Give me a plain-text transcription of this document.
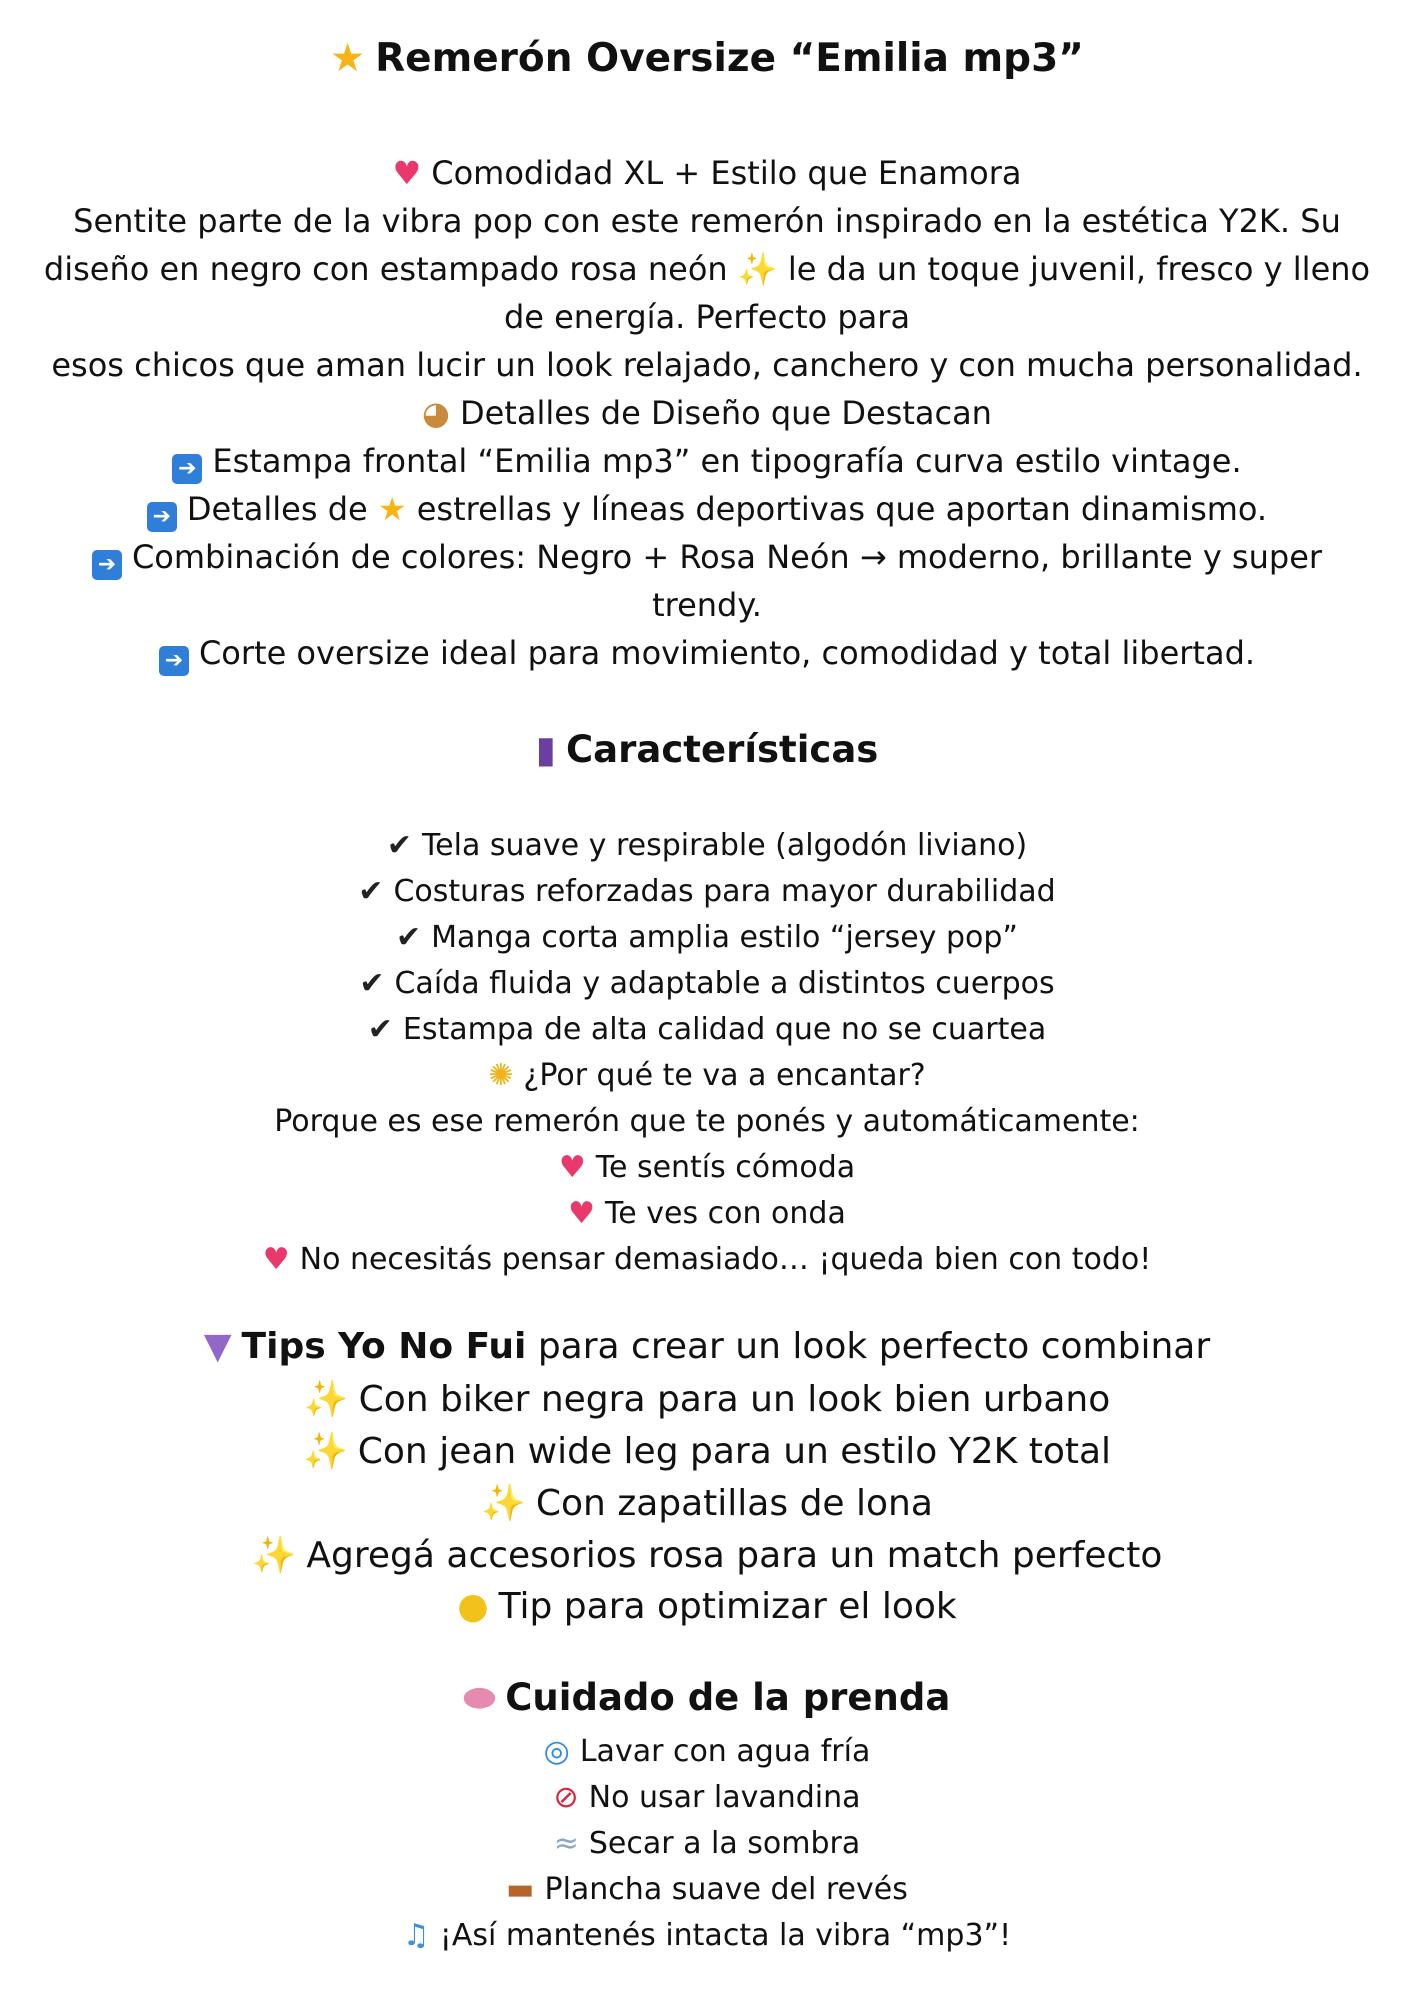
★ Remerón Oversize “Emilia mp3”
♥ Comodidad XL + Estilo que Enamora
Sentite parte de la vibra pop con este remerón inspirado en la estética Y2K. Su
diseño en negro con estampado rosa neón ✨ le da un toque juvenil, fresco y lleno
de energía. Perfecto para
esos chicos que aman lucir un look relajado, canchero y con mucha personalidad.
◕ Detalles de Diseño que Destacan
➔ Estampa frontal “Emilia mp3” en tipografía curva estilo vintage.
➔ Detalles de ★ estrellas y líneas deportivas que aportan dinamismo.
➔ Combinación de colores: Negro + Rosa Neón → moderno, brillante y super
trendy.
➔ Corte oversize ideal para movimiento, comodidad y total libertad.
▮ Características
✔ Tela suave y respirable (algodón liviano)
✔ Costuras reforzadas para mayor durabilidad
✔ Manga corta amplia estilo “jersey pop”
✔ Caída fluida y adaptable a distintos cuerpos
✔ Estampa de alta calidad que no se cuartea
✺ ¿Por qué te va a encantar?
Porque es ese remerón que te ponés y automáticamente:
♥ Te sentís cómoda
♥ Te ves con onda
♥ No necesitás pensar demasiado… ¡queda bien con todo!
▼ Tips Yo No Fui para crear un look perfecto combinar
✨ Con biker negra para un look bien urbano
✨ Con jean wide leg para un estilo Y2K total
✨ Con zapatillas de lona
✨ Agregá accesorios rosa para un match perfecto
● Tip para optimizar el look
⬬ Cuidado de la prenda
◎ Lavar con agua fría
⊘ No usar lavandina
≈ Secar a la sombra
▬ Plancha suave del revés
♫ ¡Así mantenés intacta la vibra “mp3”!
